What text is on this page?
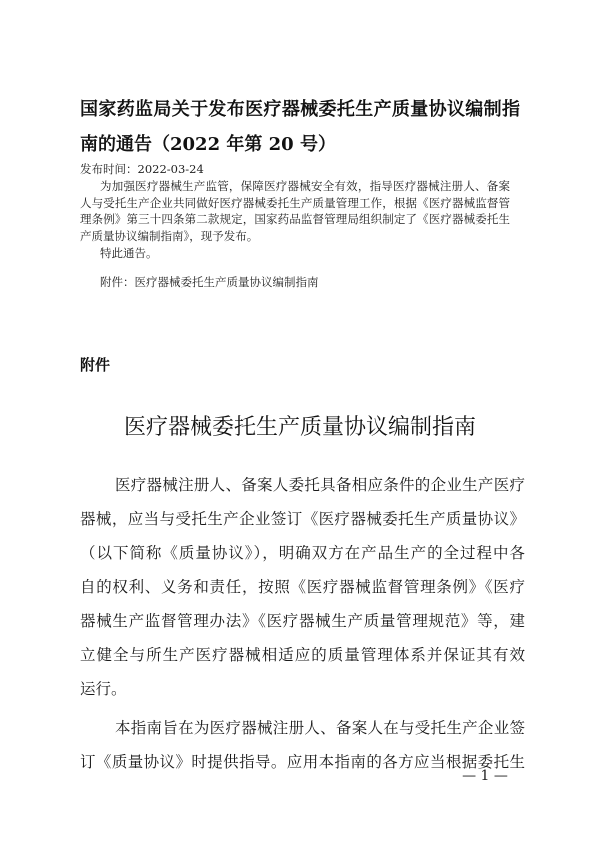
国家药监局关于发布医疗器械委托生产质量协议编制指
南的通告（2022 年第 20 号）
发布时间：2022-03-24
为加强医疗器械生产监管，保障医疗器械安全有效，指导医疗器械注册人、备案
人与受托生产企业共同做好医疗器械委托生产质量管理工作，根据《医疗器械监督管
理条例》第三十四条第二款规定，国家药品监督管理局组织制定了《医疗器械委托生
产质量协议编制指南》，现予发布。
特此通告。
附件：医疗器械委托生产质量协议编制指南
附件
医疗器械委托生产质量协议编制指南
医疗器械注册人、备案人委托具备相应条件的企业生产医疗
器械，应当与受托生产企业签订《医疗器械委托生产质量协议》
（以下简称《质量协议》），明确双方在产品生产的全过程中各
自的权利、义务和责任，按照《医疗器械监督管理条例》《医疗
器械生产监督管理办法》《医疗器械生产质量管理规范》等，建
立健全与所生产医疗器械相适应的质量管理体系并保证其有效
运行。
本指南旨在为医疗器械注册人、备案人在与受托生产企业签
订《质量协议》时提供指导。应用本指南的各方应当根据委托生
— 1 —
